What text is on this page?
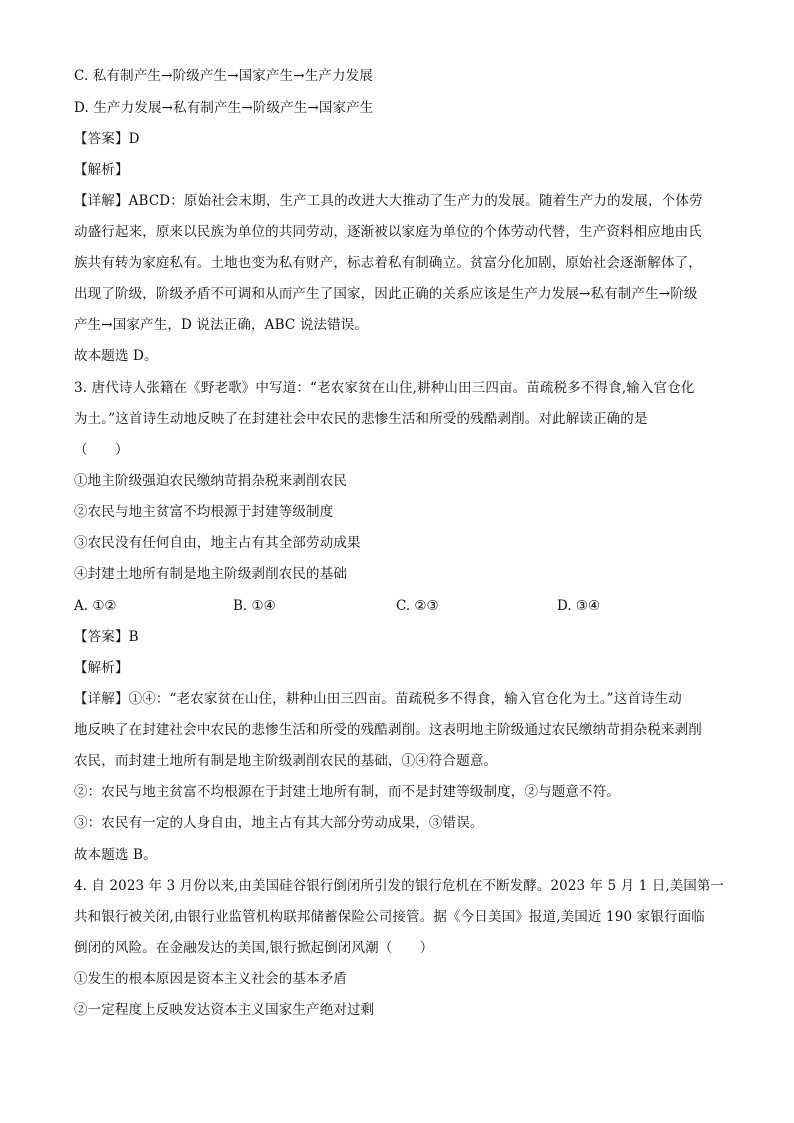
C. 私有制产生→阶级产生→国家产生→生产力发展
D. 生产力发展→私有制产生→阶级产生→国家产生
【答案】D
【解析】
【详解】ABCD：原始社会末期，生产工具的改进大大推动了生产力的发展。随着生产力的发展，个体劳
动盛行起来，原来以民族为单位的共同劳动，逐渐被以家庭为单位的个体劳动代替，生产资料相应地由氏
族共有转为家庭私有。土地也变为私有财产，标志着私有制确立。贫富分化加剧，原始社会逐渐解体了，
出现了阶级，阶级矛盾不可调和从而产生了国家，因此正确的关系应该是生产力发展→私有制产生→阶级
产生→国家产生，D 说法正确，ABC 说法错误。
故本题选 D。
3. 唐代诗人张籍在《野老歌》中写道：“老农家贫在山住,耕种山田三四亩。苗疏税多不得食,输入官仓化
为土。”这首诗生动地反映了在封建社会中农民的悲惨生活和所受的残酷剥削。对此解读正确的是
（　　）
①地主阶级强迫农民缴纳苛捐杂税来剥削农民
②农民与地主贫富不均根源于封建等级制度
③农民没有任何自由，地主占有其全部劳动成果
④封建土地所有制是地主阶级剥削农民的基础
A. ①②	B. ①④	C. ②③	D. ③④
【答案】B
【解析】
【详解】①④：“老农家贫在山住，耕种山田三四亩。苗疏税多不得食，输入官仓化为土。”这首诗生动
地反映了在封建社会中农民的悲惨生活和所受的残酷剥削。这表明地主阶级通过农民缴纳苛捐杂税来剥削
农民，而封建土地所有制是地主阶级剥削农民的基础，①④符合题意。
②：农民与地主贫富不均根源在于封建土地所有制，而不是封建等级制度，②与题意不符。
③：农民有一定的人身自由，地主占有其大部分劳动成果，③错误。
故本题选 B。
4. 自 2023 年 3 月份以来,由美国硅谷银行倒闭所引发的银行危机在不断发酵。2023 年 5 月 1 日,美国第一
共和银行被关闭,由银行业监管机构联邦储蓄保险公司接管。据《今日美国》报道,美国近 190 家银行面临
倒闭的风险。在金融发达的美国,银行掀起倒闭风潮（　　）
①发生的根本原因是资本主义社会的基本矛盾
②一定程度上反映发达资本主义国家生产绝对过剩
